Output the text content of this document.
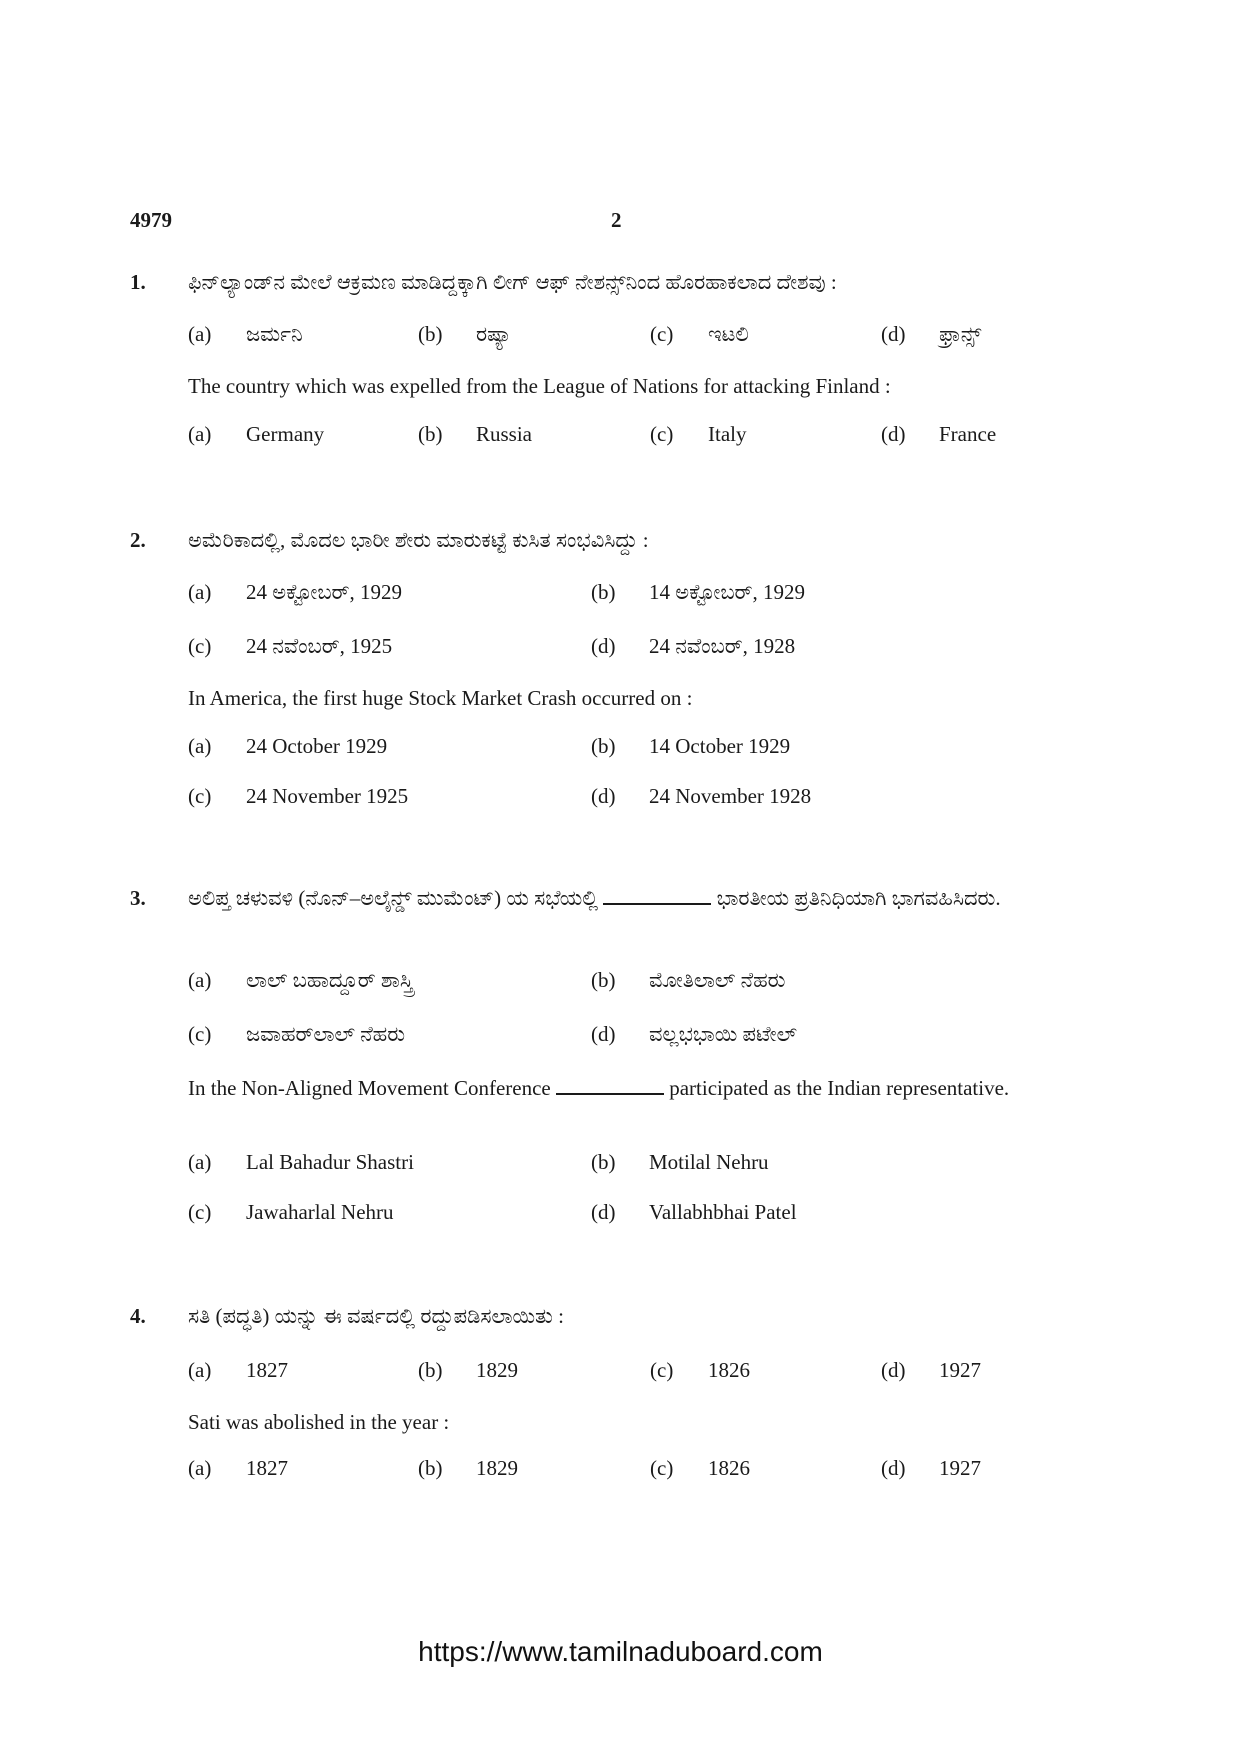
4979	2
1. ಫಿನ್‌ಲ್ಯಾಂಡ್‌ನ ಮೇಲೆ ಆಕ್ರಮಣ ಮಾಡಿದ್ದಕ್ಕಾಗಿ ಲೀಗ್ ಆಫ್ ನೇಶನ್ಸ್‌ನಿಂದ ಹೊರಹಾಕಲಾದ ದೇಶವು :
(a) ಜರ್ಮನಿ	(b) ರಷ್ಯಾ	(c) ಇಟಲಿ	(d) ಫ್ರಾನ್ಸ್
The country which was expelled from the League of Nations for attacking Finland :
(a) Germany	(b) Russia	(c) Italy	(d) France
2. ಅಮೆರಿಕಾದಲ್ಲಿ, ಮೊದಲ ಭಾರೀ ಶೇರು ಮಾರುಕಟ್ಟೆ ಕುಸಿತ ಸಂಭವಿಸಿದ್ದು :
(a) 24 ಅಕ್ಟೋಬರ್, 1929	(b) 14 ಅಕ್ಟೋಬರ್, 1929
(c) 24 ನವೆಂಬರ್, 1925	(d) 24 ನವೆಂಬರ್, 1928
In America, the first huge Stock Market Crash occurred on :
(a) 24 October 1929	(b) 14 October 1929
(c) 24 November 1925	(d) 24 November 1928
3. ಅಲಿಪ್ತ ಚಳುವಳಿ (ನೊನ್–ಅಲೈನ್ಡ್ ಮುಮೆಂಟ್) ಯ ಸಭೆಯಲ್ಲಿ	ಭಾರತೀಯ ಪ್ರತಿನಿಧಿಯಾಗಿ ಭಾಗವಹಿಸಿದರು.
(a) ಲಾಲ್ ಬಹಾದ್ದೂರ್ ಶಾಸ್ತ್ರಿ	(b) ಮೋತಿಲಾಲ್ ನೆಹರು
(c) ಜವಾಹರ್‌ಲಾಲ್ ನೆಹರು	(d) ವಲ್ಲಭಭಾಯಿ ಪಟೇಲ್
In the Non-Aligned Movement Conference	participated as the Indian representative.
(a) Lal Bahadur Shastri	(b) Motilal Nehru
(c) Jawaharlal Nehru	(d) Vallabhbhai Patel
4. ಸತಿ (ಪದ್ಧತಿ) ಯನ್ನು ಈ ವರ್ಷದಲ್ಲಿ ರದ್ದುಪಡಿಸಲಾಯಿತು :
(a) 1827	(b) 1829	(c) 1826	(d) 1927
Sati was abolished in the year :
(a) 1827	(b) 1829	(c) 1826	(d) 1927
https://www.tamilnaduboard.com
